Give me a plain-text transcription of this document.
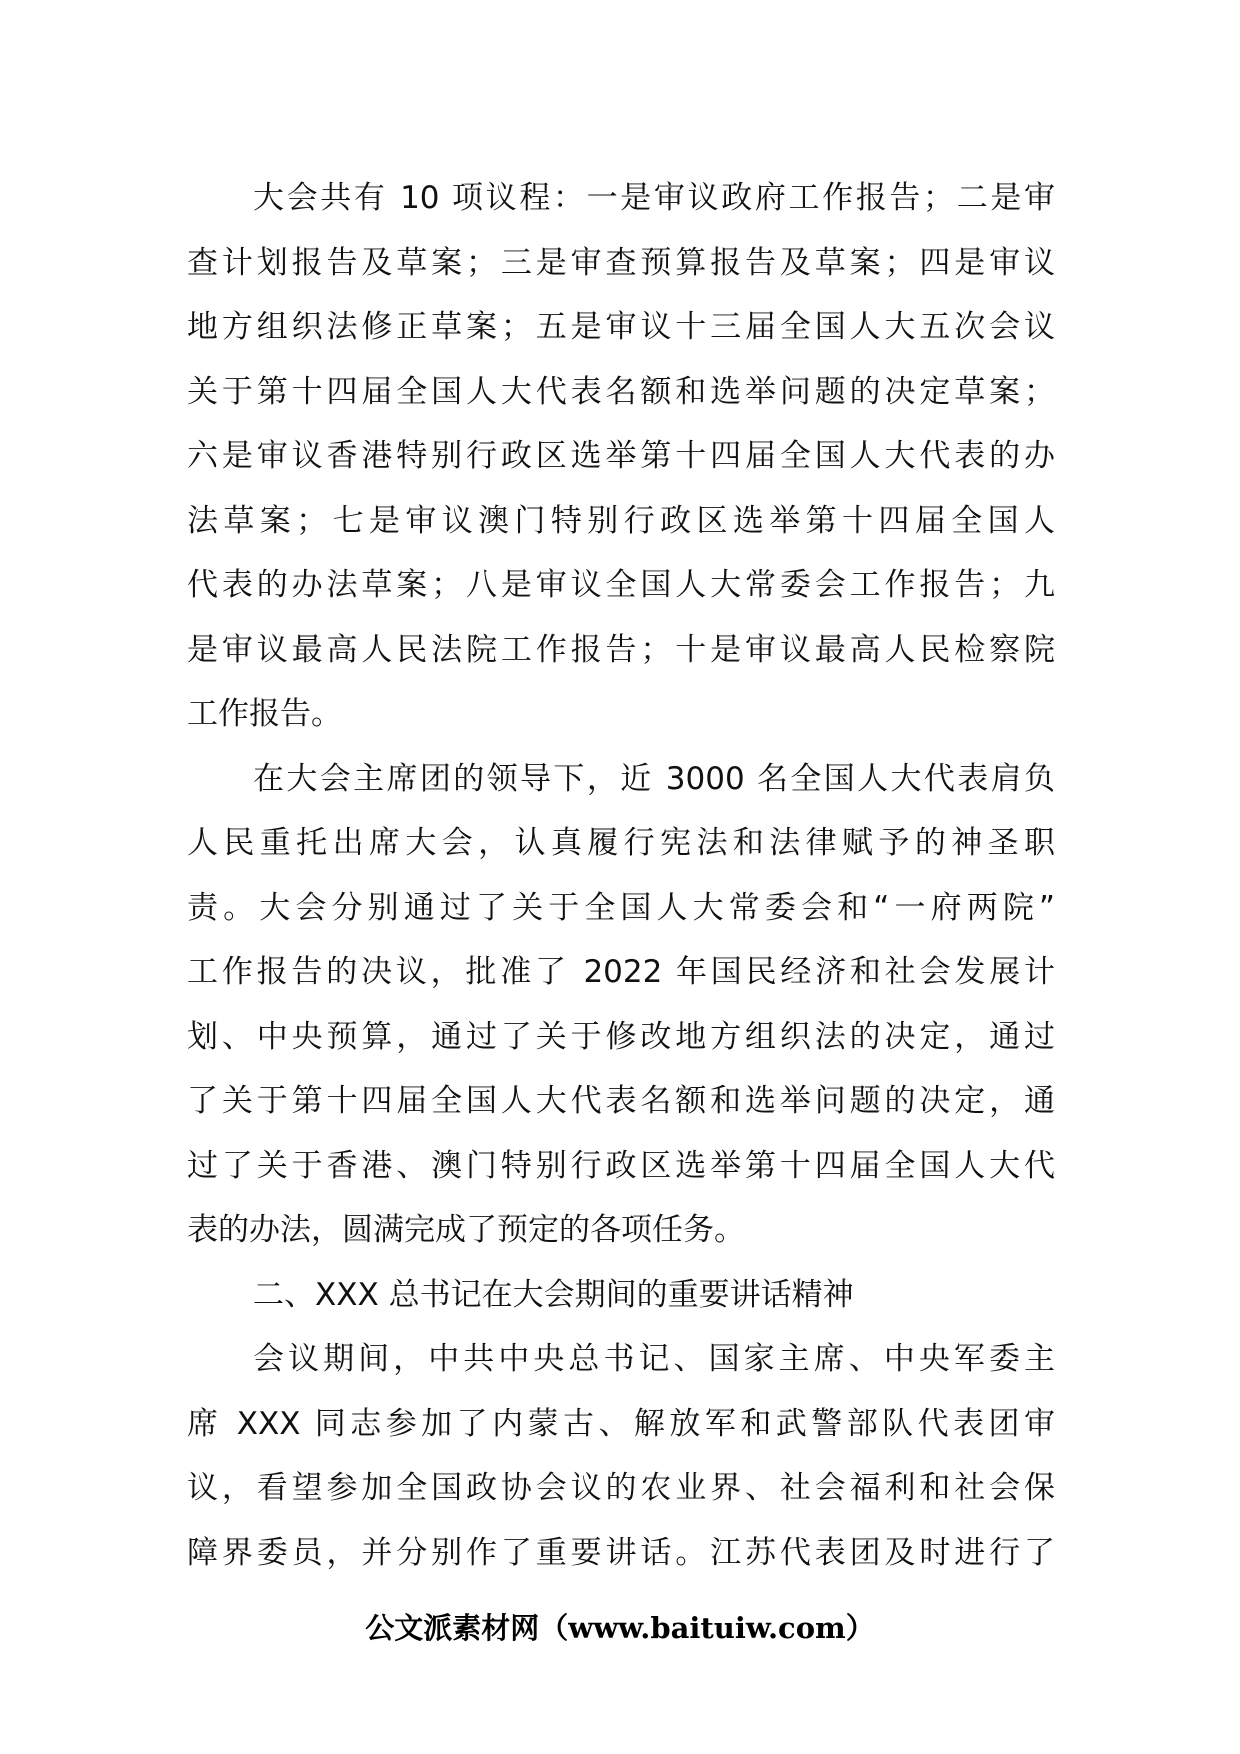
大会共有 10 项议程：一是审议政府工作报告；二是审
查计划报告及草案；三是审查预算报告及草案；四是审议
地方组织法修正草案；五是审议十三届全国人大五次会议
关于第十四届全国人大代表名额和选举问题的决定草案；
六是审议香港特别行政区选举第十四届全国人大代表的办
法草案；七是审议澳门特别行政区选举第十四届全国人
代表的办法草案；八是审议全国人大常委会工作报告；九
是审议最高人民法院工作报告；十是审议最高人民检察院
工作报告。
在大会主席团的领导下，近 3000 名全国人大代表肩负
人民重托出席大会，认真履行宪法和法律赋予的神圣职
责。大会分别通过了关于全国人大常委会和“一府两院”
工作报告的决议，批准了 2022 年国民经济和社会发展计
划、中央预算，通过了关于修改地方组织法的决定，通过
了关于第十四届全国人大代表名额和选举问题的决定，通
过了关于香港、澳门特别行政区选举第十四届全国人大代
表的办法，圆满完成了预定的各项任务。
二、XXX 总书记在大会期间的重要讲话精神
会议期间，中共中央总书记、国家主席、中央军委主
席 XXX 同志参加了内蒙古、解放军和武警部队代表团审
议，看望参加全国政协会议的农业界、社会福利和社会保
障界委员，并分别作了重要讲话。江苏代表团及时进行了
公文派素材网（www.baituiw.com）
